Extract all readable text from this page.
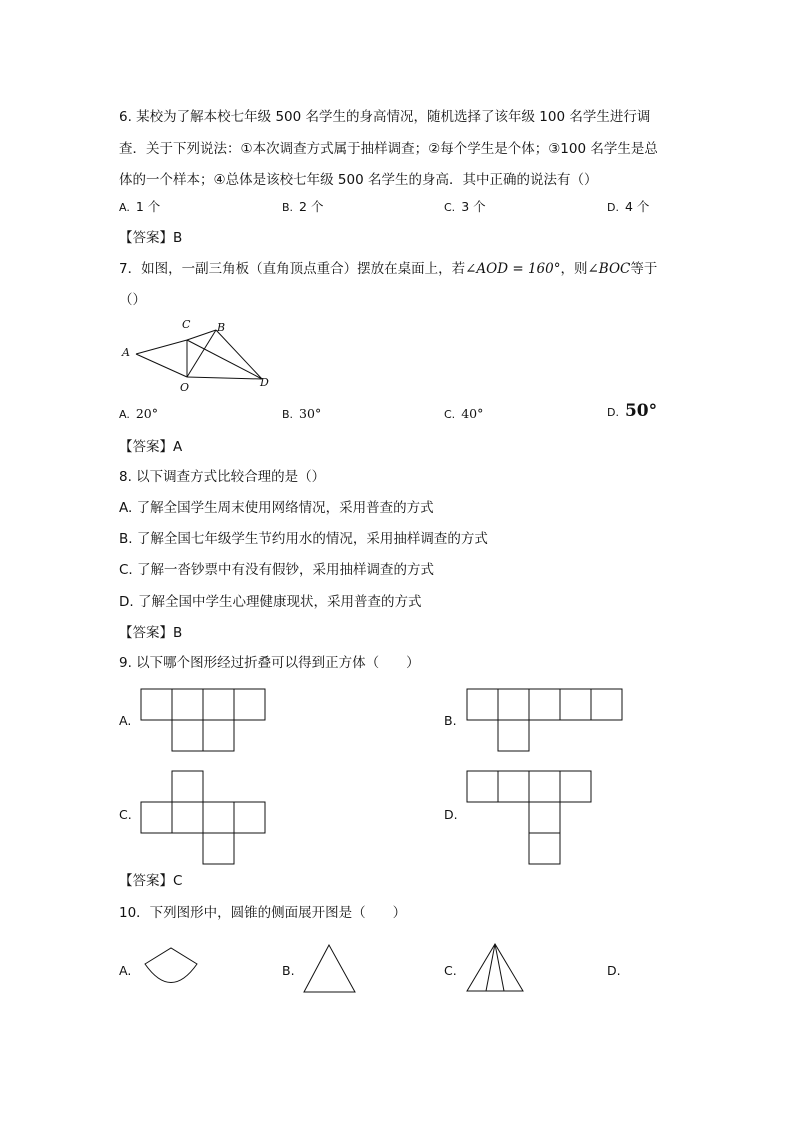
6. 某校为了解本校七年级 500 名学生的身高情况，随机选择了该年级 100 名学生进行调
查．关于下列说法：①本次调查方式属于抽样调查；②每个学生是个体；③100 名学生是总
体的一个样本；④总体是该校七年级 500 名学生的身高．其中正确的说法有（）
A. 1 个	B. 2 个	C. 3 个	D. 4 个
【答案】B
7．如图，一副三角板（直角顶点重合）摆放在桌面上，若∠AOD = 160°，则∠BOC等于
（）
A
C B
O	D
A. 20°	B. 30°	C. 40°	D. 50°
【答案】A
8. 以下调查方式比较合理的是（）
A. 了解全国学生周末使用网络情况，采用普查的方式
B. 了解全国七年级学生节约用水的情况，采用抽样调查的方式
C. 了解一沓钞票中有没有假钞，采用抽样调查的方式
D. 了解全国中学生心理健康现状，采用普查的方式
【答案】B
9. 以下哪个图形经过折叠可以得到正方体（　　）
A.	B.
C.	D.
【答案】C
10．下列图形中，圆锥的侧面展开图是（　　）
A.	B.	C.	D.
